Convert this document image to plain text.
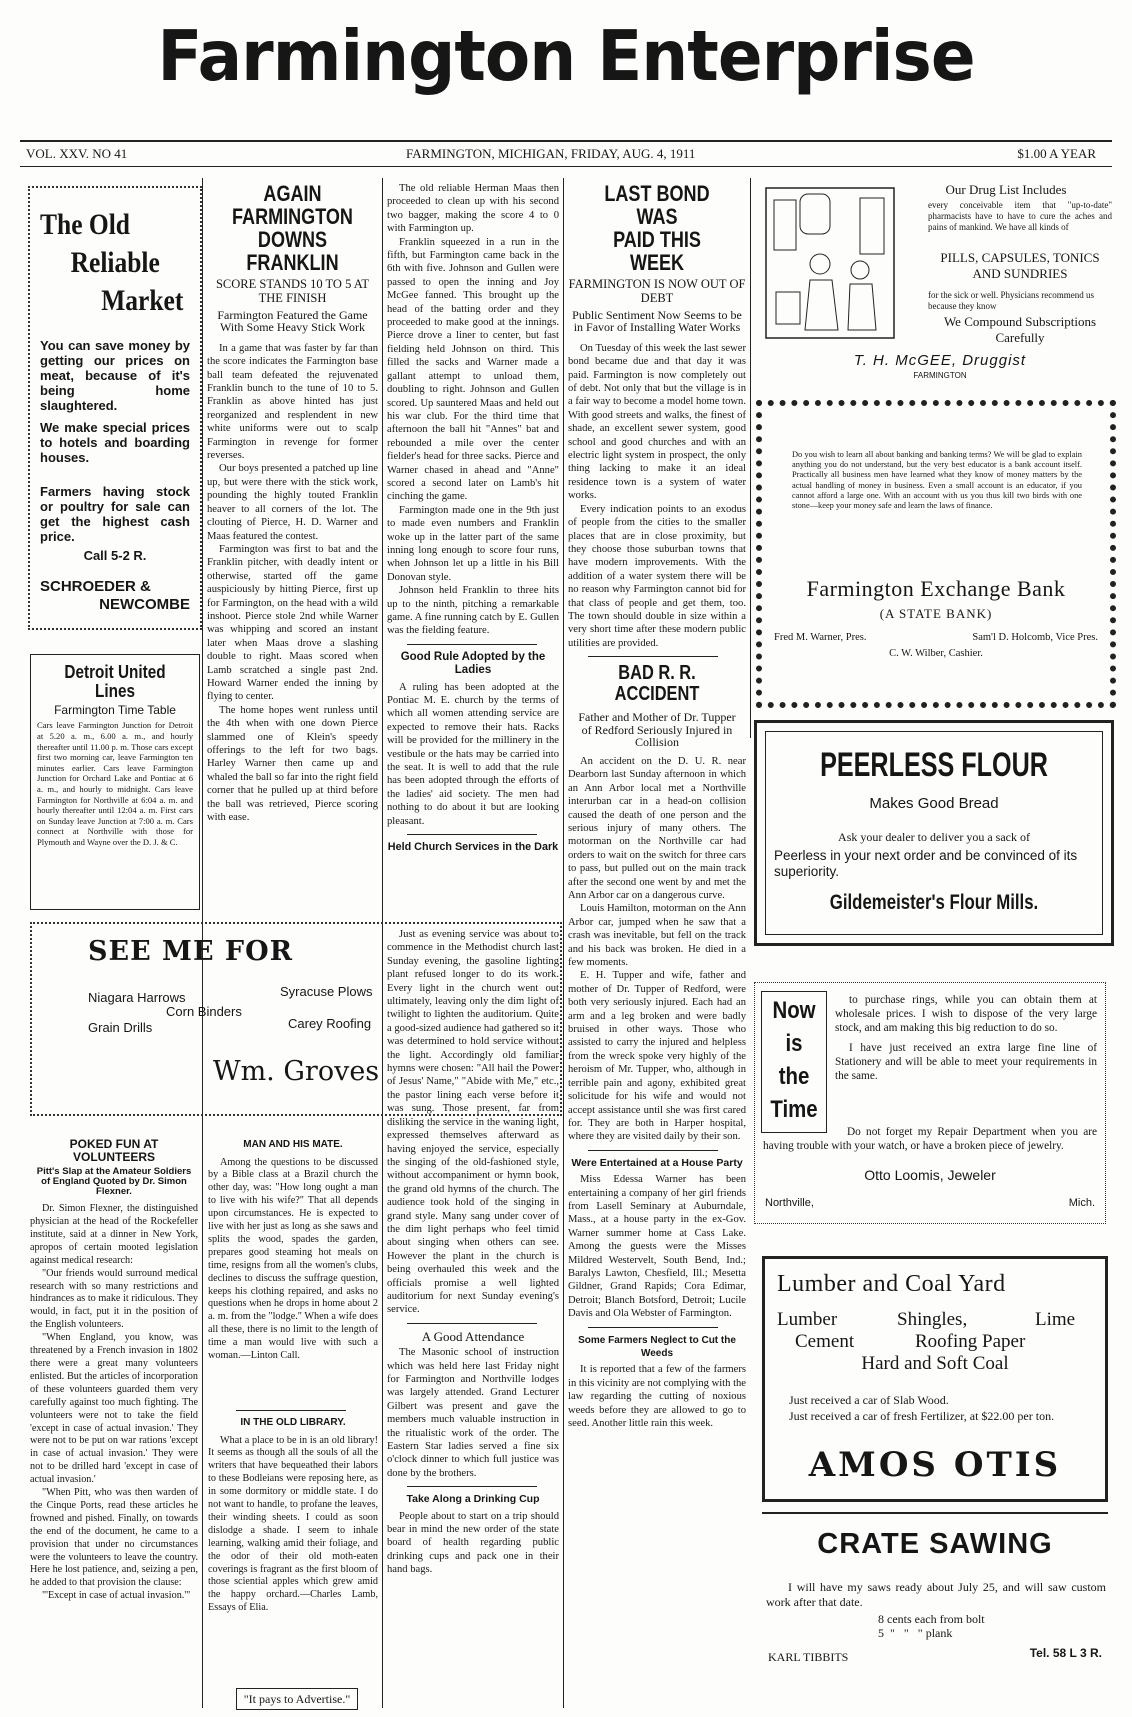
Farmington Enterprise
VOL. XXV. NO 41	FARMINGTON, MICHIGAN, FRIDAY, AUG. 4, 1911	$1.00 A YEAR
The Old
Reliable
Market
You can save money by getting our prices on meat, because of it's being home slaughtered.
We make special prices to hotels and boarding houses.
Farmers having stock or poultry for sale can get the highest cash price.
Call 5-2 R.
SCHROEDER &
NEWCOMBE
Detroit United Lines
Farmington Time Table
Cars leave Farmington Junction for Detroit at 5.20 a. m., 6.00 a. m., and hourly thereafter until 11.00 p. m. Those cars except first two morning car, leave Farmington ten minutes earlier. Cars leave Farmington Junction for Orchard Lake and Pontiac at 6 a. m., and hourly to midnight. Cars leave Farmington for Northville at 6:04 a. m. and hourly thereafter until 12:04 a. m. First cars on Sunday leave Junction at 7:00 a. m. Cars connect at Northville with those for Plymouth and Wayne over the D. J. & C.
AGAIN FARMINGTON
DOWNS FRANKLIN
SCORE STANDS 10 TO 5 AT THE FINISH
Farmington Featured the Game With Some Heavy Stick Work

In a game that was faster by far than the score indicates the Farmington base ball team defeated the rejuvenated Franklin bunch to the tune of 10 to 5. Franklin as above hinted has just reorganized and resplendent in new white uniforms were out to scalp Farmington in revenge for former reverses.

Our boys presented a patched up line up, but were there with the stick work, pounding the highly touted Franklin heaver to all corners of the lot. The clouting of Pierce, H. D. Warner and Maas featured the contest.

Farmington was first to bat and the Franklin pitcher, with deadly intent or otherwise, started off the game auspiciously by hitting Pierce, first up for Farmington, on the head with a wild inshoot. Pierce stole 2nd while Warner was whipping and scored an instant later when Maas drove a slashing double to right. Maas scored when Lamb scratched a single past 2nd. Howard Warner ended the inning by flying to center.

The home hopes went runless until the 4th when with one down Pierce slammed one of Klein's speedy offerings to the left for two bags. Harley Warner then came up and whaled the ball so far into the right field corner that he pulled up at third before the ball was retrieved, Pierce scoring with ease.

SEE ME FOR
Niagara Harrows	Syracuse Plows
Corn Binders
Grain Drills	Carey Roofing
Wm. Groves
POKED FUN AT VOLUNTEERS
Pitt's Slap at the Amateur Soldiers of England Quoted by Dr. Simon Flexner.

Dr. Simon Flexner, the distinguished physician at the head of the Rockefeller institute, said at a dinner in New York, apropos of certain mooted legislation against medical research:

"Our friends would surround medical research with so many restrictions and hindrances as to make it ridiculous. They would, in fact, put it in the position of the English volunteers.

"When England, you know, was threatened by a French invasion in 1802 there were a great many volunteers enlisted. But the articles of incorporation of these volunteers guarded them very carefully against too much fighting. The volunteers were not to take the field 'except in case of actual invasion.' They were not to be put on war rations 'except in case of actual invasion.' They were not to be drilled hard 'except in case of actual invasion.'

"When Pitt, who was then warden of the Cinque Ports, read these articles he frowned and pished. Finally, on towards the end of the document, he came to a provision that under no circumstances were the volunteers to leave the country. Here he lost patience, and, seizing a pen, he added to that provision the clause:

"'Except in case of actual invasion.'"

MAN AND HIS MATE.

Among the questions to be discussed by a Bible class at a Brazil church the other day, was: "How long ought a man to live with his wife?" That all depends upon circumstances. He is expected to live with her just as long as she saws and splits the wood, spades the garden, prepares good steaming hot meals on time, resigns from all the women's clubs, declines to discuss the suffrage question, keeps his clothing repaired, and asks no questions when he drops in home about 2 a. m. from the "lodge." When a wife does all these, there is no limit to the length of time a man would live with such a woman.—Linton Call.

IN THE OLD LIBRARY.

What a place to be in is an old library! It seems as though all the souls of all the writers that have bequeathed their labors to these Bodleians were reposing here, as in some dormitory or middle state. I do not want to handle, to profane the leaves, their winding sheets. I could as soon dislodge a shade. I seem to inhale learning, walking amid their foliage, and the odor of their old moth-eaten coverings is fragrant as the first bloom of those sciential apples which grew amid the happy orchard.—Charles Lamb, Essays of Elia.

"It pays to Advertise."

The old reliable Herman Maas then proceeded to clean up with his second two bagger, making the score 4 to 0 with Farmington up.

Franklin squeezed in a run in the fifth, but Farmington came back in the 6th with five. Johnson and Gullen were passed to open the inning and Joy McGee fanned. This brought up the head of the batting order and they proceeded to make good at the innings. Pierce drove a liner to center, but fast fielding held Johnson on third. This filled the sacks and Warner made a gallant attempt to unload them, doubling to right. Johnson and Gullen scored. Up sauntered Maas and held out his war club. For the third time that afternoon the ball hit "Annes" bat and rebounded a mile over the center fielder's head for three sacks. Pierce and Warner chased in ahead and "Anne" scored a second later on Lamb's hit cinching the game.

Farmington made one in the 9th just to made even numbers and Franklin woke up in the latter part of the same inning long enough to score four runs, when Johnson let up a little in his Bill Donovan style.

Johnson held Franklin to three hits up to the ninth, pitching a remarkable game. A fine running catch by E. Gullen was the fielding feature.

Good Rule Adopted by the Ladies

A ruling has been adopted at the Pontiac M. E. church by the terms of which all women attending service are expected to remove their hats. Racks will be provided for the millinery in the vestibule or the hats may be carried into the seat. It is well to add that the rule has been adopted through the efforts of the ladies' aid society. The men had nothing to do about it but are looking pleasant.

Held Church Services in the Dark

Just as evening service was about to commence in the Methodist church last Sunday evening, the gasoline lighting plant refused longer to do its work. Every light in the church went out ultimately, leaving only the dim light of twilight to lighten the auditorium. Quite a good-sized audience had gathered so it was determined to hold service without the light. Accordingly old familiar hymns were chosen: "All hail the Power of Jesus' Name," "Abide with Me," etc., the pastor lining each verse before it was sung. Those present, far from disliking the service in the waning light, expressed themselves afterward as having enjoyed the service, especially the singing of the old-fashioned style, without accompaniment or hymn book, the grand old hymns of the church. The audience took hold of the singing in grand style. Many sang under cover of the dim light perhaps who feel timid about singing when others can see. However the plant in the church is being overhauled this week and the officials promise a well lighted auditorium for next Sunday evening's service.

A Good Attendance

The Masonic school of instruction which was held here last Friday night for Farmington and Northville lodges was largely attended. Grand Lecturer Gilbert was present and gave the members much valuable instruction in the ritualistic work of the order. The Eastern Star ladies served a fine six o'clock dinner to which full justice was done by the brothers.

Take Along a Drinking Cup

People about to start on a trip should bear in mind the new order of the state board of health regarding public drinking cups and pack one in their hand bags.

LAST BOND WAS
PAID THIS WEEK
FARMINGTON IS NOW OUT OF DEBT
Public Sentiment Now Seems to be in Favor of Installing Water Works

On Tuesday of this week the last sewer bond became due and that day it was paid. Farmington is now completely out of debt. Not only that but the village is in a fair way to become a model home town. With good streets and walks, the finest of shade, an excellent sewer system, good school and good churches and with an electric light system in prospect, the only thing lacking to make it an ideal residence town is a system of water works.

Every indication points to an exodus of people from the cities to the smaller places that are in close proximity, but they choose those suburban towns that have modern improvements. With the addition of a water system there will be no reason why Farmington cannot bid for that class of people and get them, too. The town should double in size within a very short time after these modern public utilities are provided.

BAD R. R. ACCIDENT
Father and Mother of Dr. Tupper of Redford Seriously Injured in Collision

An accident on the D. U. R. near Dearborn last Sunday afternoon in which an Ann Arbor local met a Northville interurban car in a head-on collision caused the death of one person and the serious injury of many others. The motorman on the Northville car had orders to wait on the switch for three cars to pass, but pulled out on the main track after the second one went by and met the Ann Arbor car on a dangerous curve.

Louis Hamilton, motorman on the Ann Arbor car, jumped when he saw that a crash was inevitable, but fell on the track and his back was broken. He died in a few moments.

E. H. Tupper and wife, father and mother of Dr. Tupper of Redford, were both very seriously injured. Each had an arm and a leg broken and were badly bruised in other ways. Those who assisted to carry the injured and helpless from the wreck spoke very highly of the heroism of Mr. Tupper, who, although in terrible pain and agony, exhibited great solicitude for his wife and would not accept assistance until she was first cared for. They are both in Harper hospital, where they are visited daily by their son.

Were Entertained at a House Party

Miss Edessa Warner has been entertaining a company of her girl friends from Lasell Seminary at Auburndale, Mass., at a house party in the ex-Gov. Warner summer home at Cass Lake. Among the guests were the Misses Mildred Westervelt, South Bend, Ind.; Baralys Lawton, Chesfield, Ill.; Mesetta Gildner, Grand Rapids; Cora Edimar, Detroit; Blanch Botsford, Detroit; Lucile Davis and Ola Webster of Farmington.

Some Farmers Neglect to Cut the Weeds

It is reported that a few of the farmers in this vicinity are not complying with the law regarding the cutting of noxious weeds before they are allowed to go to seed. Another little rain this week.

Our Drug List Includes
every conceivable item that "up-to-date" pharmacists have to have to cure the aches and pains of mankind. We have all kinds of
PILLS, CAPSULES, TONICS AND SUNDRIES
for the sick or well. Physicians recommend us because they know
We Compound Subscriptions Carefully
T. H. McGEE, Druggist
FARMINGTON
Do you wish to learn all about banking and banking terms? We will be glad to explain anything you do not understand, but the very best educator is a bank account itself. Practically all business men have learned what they know of money matters by the actual handling of money in business. Even a small account is an educator, if you cannot afford a large one. With an account with us you thus kill two birds with one stone—keep your money safe and learn the laws of finance.
Farmington Exchange Bank
(A STATE BANK)
Fred M. Warner, Pres.	Sam'l D. Holcomb, Vice Pres.
C. W. Wilber, Cashier.
PEERLESS FLOUR
Makes Good Bread
Ask your dealer to deliver you a sack of
Peerless in your next order and be convinced of its superiority.
Gildemeister's Flour Mills.
Now
is
the
Time

to purchase rings, while you can obtain them at wholesale prices. I wish to dispose of the very large stock, and am making this big reduction to do so.

I have just received an extra large fine line of Stationery and will be able to meet your requirements in the same.

Do not forget my Repair Department when you are having trouble with your watch, or have a broken piece of jewelry.
Otto Loomis, Jeweler
Northville,	Mich.
Lumber and Coal Yard
Lumber	Shingles,	Lime
Cement	Roofing Paper
Hard and Soft Coal
Just received a car of Slab Wood.
Just received a car of fresh Fertilizer, at $22.00 per ton.
AMOS OTIS
CRATE SAWING
I will have my saws ready about July 25, and will saw custom work after that date.
8 cents each from bolt
5  "   "   " plank
KARL TIBBITS	Tel. 58 L 3 R.
